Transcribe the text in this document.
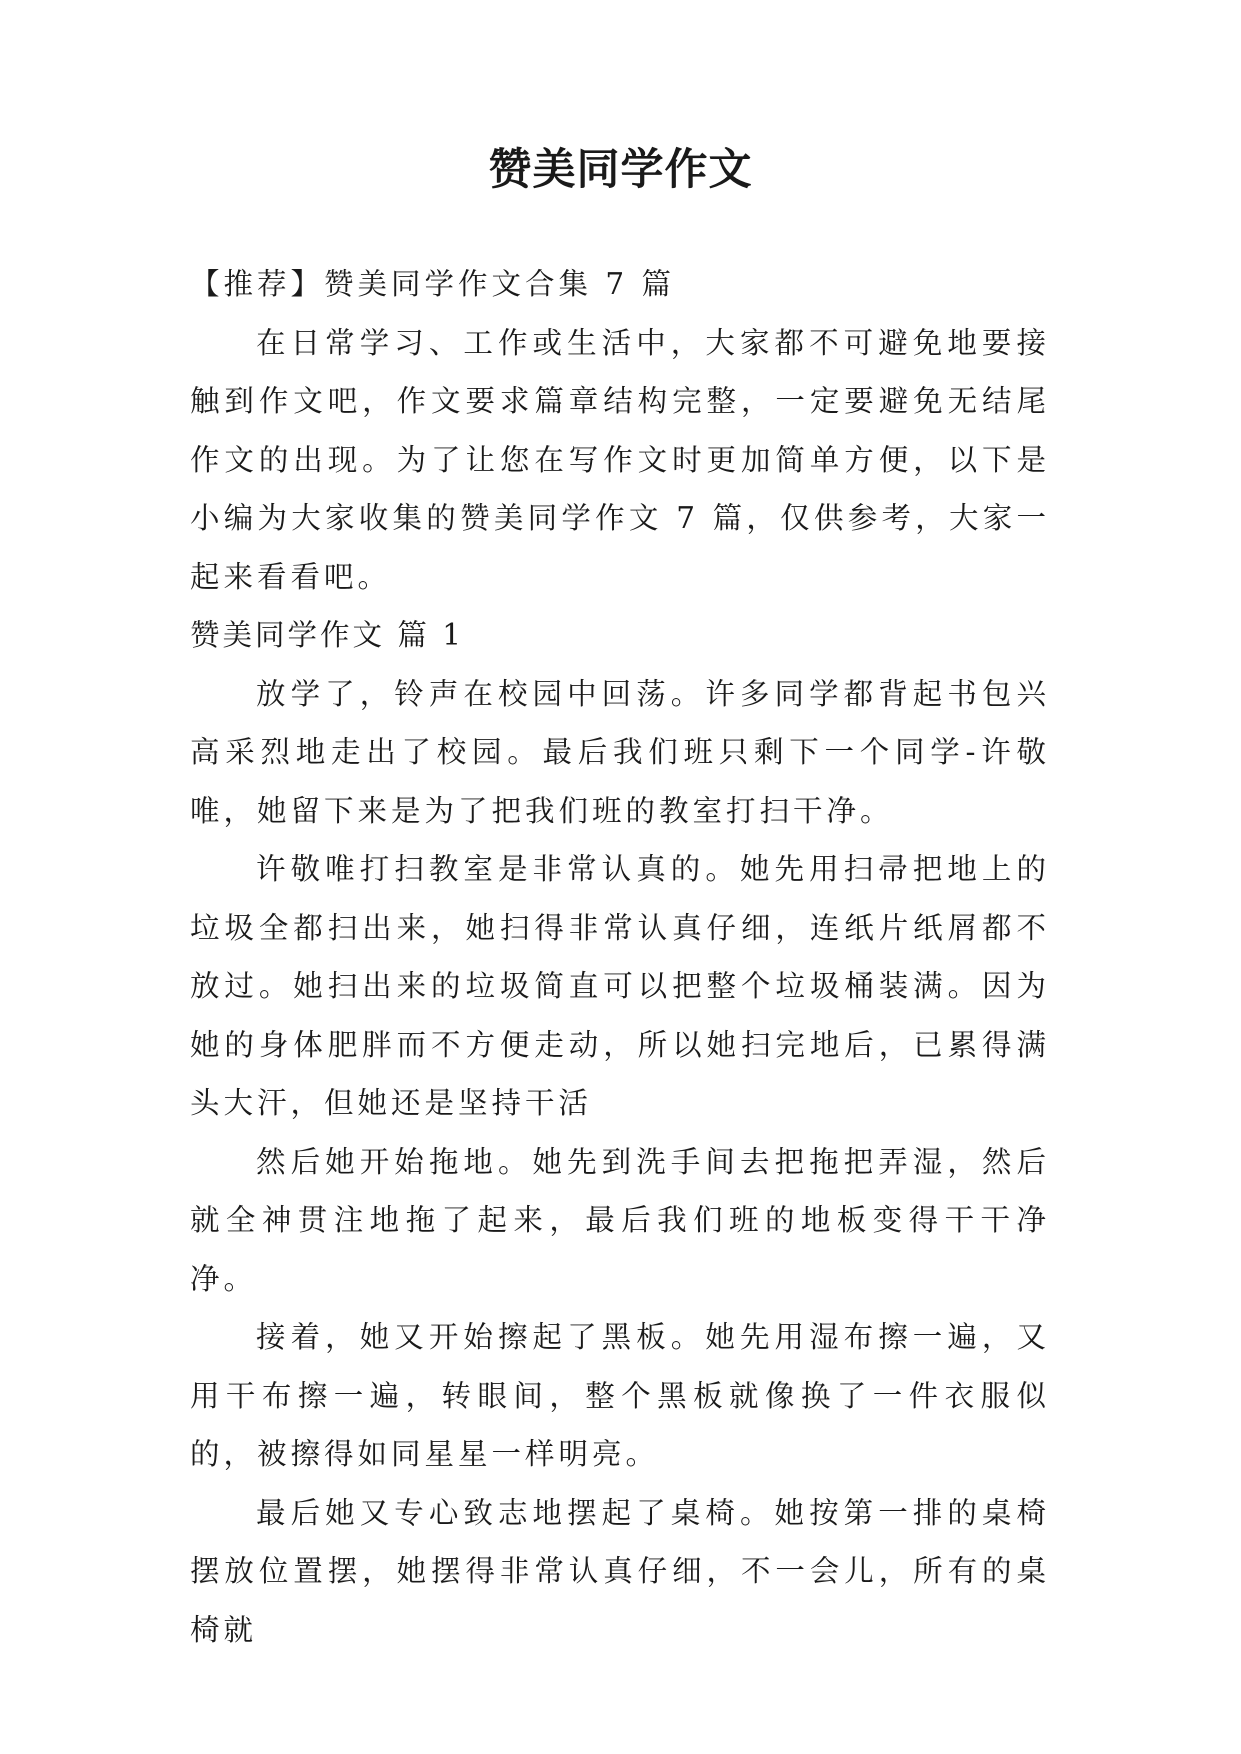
赞美同学作文

【推荐】赞美同学作文合集 7 篇

在日常学习、工作或生活中，大家都不可避免地要接触到作文吧，作文要求篇章结构完整，一定要避免无结尾作文的出现。为了让您在写作文时更加简单方便，以下是小编为大家收集的赞美同学作文 7 篇，仅供参考，大家一起来看看吧。

赞美同学作文 篇 1

放学了，铃声在校园中回荡。许多同学都背起书包兴高采烈地走出了校园。最后我们班只剩下一个同学-许敬唯，她留下来是为了把我们班的教室打扫干净。

许敬唯打扫教室是非常认真的。她先用扫帚把地上的垃圾全都扫出来，她扫得非常认真仔细，连纸片纸屑都不放过。她扫出来的垃圾简直可以把整个垃圾桶装满。因为她的身体肥胖而不方便走动，所以她扫完地后，已累得满头大汗，但她还是坚持干活

然后她开始拖地。她先到洗手间去把拖把弄湿，然后就全神贯注地拖了起来，最后我们班的地板变得干干净净。

接着，她又开始擦起了黑板。她先用湿布擦一遍，又用干布擦一遍，转眼间，整个黑板就像换了一件衣服似的，被擦得如同星星一样明亮。

最后她又专心致志地摆起了桌椅。她按第一排的桌椅摆放位置摆，她摆得非常认真仔细，不一会儿，所有的桌椅就
